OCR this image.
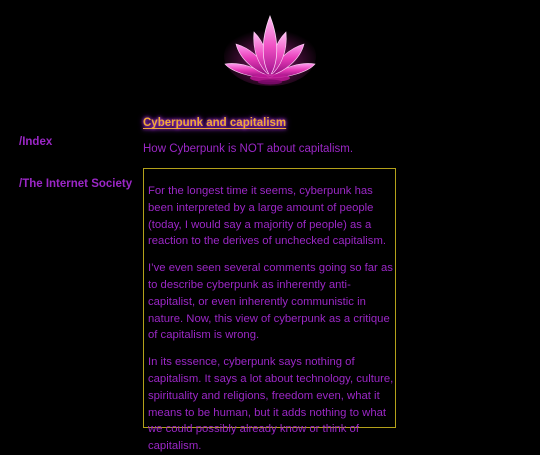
/Index
/The Internet Society
Cyberpunk and capitalism
How Cyberpunk is NOT about capitalism.

For the longest time it seems, cyberpunk has been interpreted by a large amount of people (today, I would say a majority of people) as a reaction to the derives of unchecked capitalism.

I’ve even seen several comments going so far as to describe cyberpunk as inherently anti-capitalist, or even inherently communistic in nature. Now, this view of cyberpunk as a critique of capitalism is wrong.

In its essence, cyberpunk says nothing of capitalism. It says a lot about technology, culture, spirituality and religions, freedom even, what it means to be human, but it adds nothing to what we could possibly already know or think of capitalism.
